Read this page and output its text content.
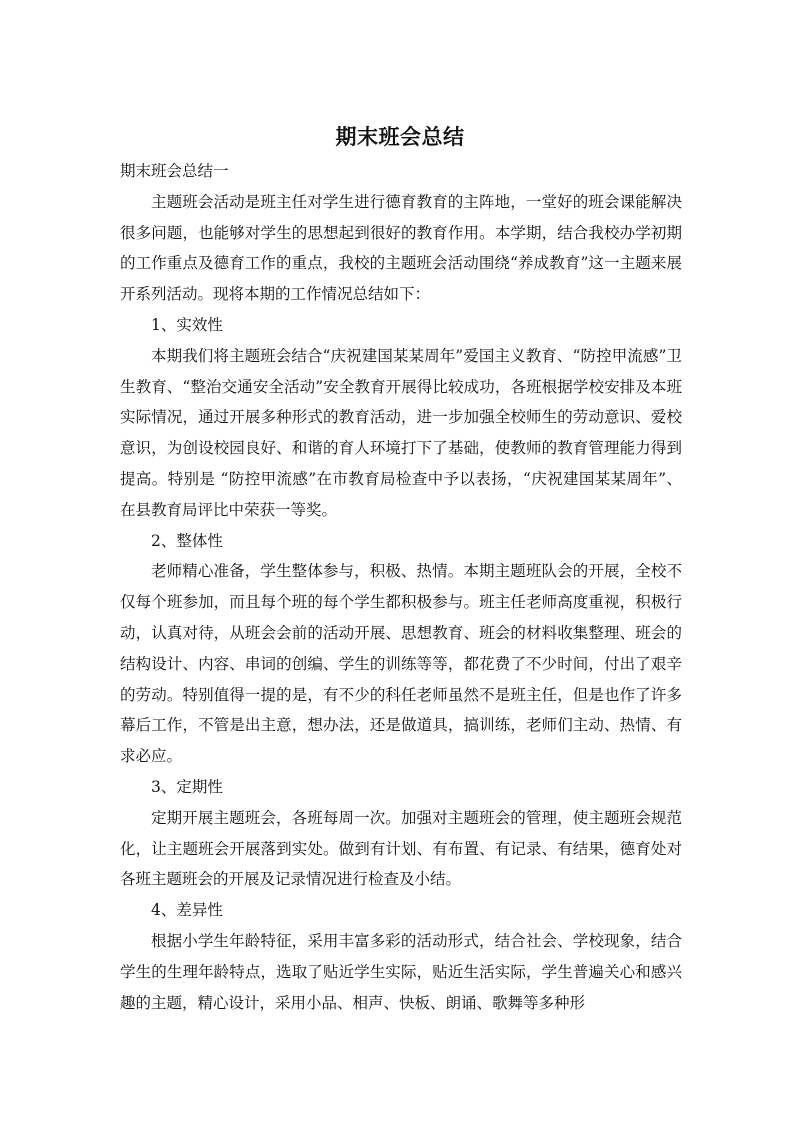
期末班会总结

期末班会总结一

主题班会活动是班主任对学生进行德育教育的主阵地，一堂好的班会课能解决很多问题，也能够对学生的思想起到很好的教育作用。本学期，结合我校办学初期的工作重点及德育工作的重点，我校的主题班会活动围绕“养成教育”这一主题来展开系列活动。现将本期的工作情况总结如下：

1、实效性

本期我们将主题班会结合“庆祝建国某某周年”爱国主义教育、“防控甲流感”卫生教育、“整治交通安全活动”安全教育开展得比较成功，各班根据学校安排及本班实际情况，通过开展多种形式的教育活动，进一步加强全校师生的劳动意识、爱校意识，为创设校园良好、和谐的育人环境打下了基础，使教师的教育管理能力得到提高。特别是 “防控甲流感”在市教育局检查中予以表扬，“庆祝建国某某周年”、在县教育局评比中荣获一等奖。

2、整体性

老师精心准备，学生整体参与，积极、热情。本期主题班队会的开展，全校不仅每个班参加，而且每个班的每个学生都积极参与。班主任老师高度重视，积极行动，认真对待，从班会会前的活动开展、思想教育、班会的材料收集整理、班会的结构设计、内容、串词的创编、学生的训练等等，都花费了不少时间，付出了艰辛的劳动。特别值得一提的是，有不少的科任老师虽然不是班主任，但是也作了许多幕后工作，不管是出主意，想办法，还是做道具，搞训练，老师们主动、热情、有求必应。

3、定期性

定期开展主题班会，各班每周一次。加强对主题班会的管理，使主题班会规范化，让主题班会开展落到实处。做到有计划、有布置、有记录、有结果，德育处对各班主题班会的开展及记录情况进行检查及小结。

4、差异性

根据小学生年龄特征，采用丰富多彩的活动形式，结合社会、学校现象，结合学生的生理年龄特点，选取了贴近学生实际，贴近生活实际，学生普遍关心和感兴趣的主题，精心设计，采用小品、相声、快板、朗诵、歌舞等多种形
